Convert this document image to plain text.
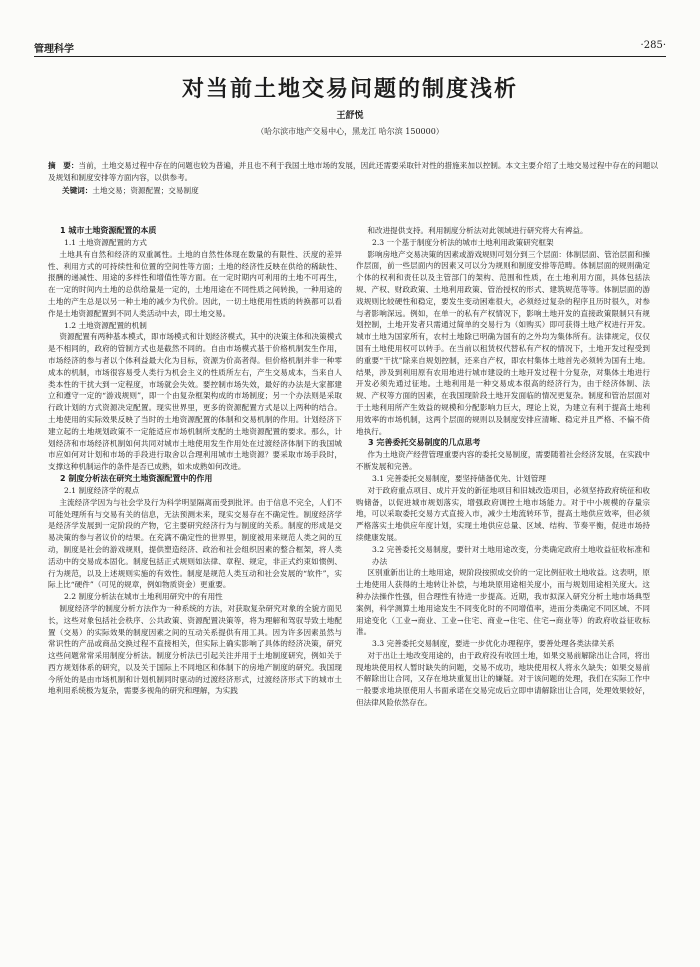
管理科学	·285·
对当前土地交易问题的制度浅析
王舒悦
（哈尔滨市地产交易中心，黑龙江 哈尔滨 150000）
摘　要：当前，土地交易过程中存在的问题也较为普遍，并且也不利于我国土地市场的发展，因此还需要采取针对性的措施来加以控制。本文主要介绍了土地交易过程中存在的问题以及规划和制度安排等方面内容，以供参考。
关键词：土地交易；资源配置；交易制度
1 城市土地资源配置的本质
1.1 土地资源配置的方式

土地具有自然和经济的双重属性。土地的自然性体现在数量的有限性、沃度的差异性、利用方式的可持续性和位置的空间性等方面；土地的经济性反映在供给的稀缺性、报酬的递减性、用途的多样性和增值性等方面。在一定时期内可利用的土地不可再生，在一定的时间内土地的总供给量是一定的，土地用途在不同性质之间转换，一种用途的土地的产生总是以另一种土地的减少为代价。因此，一切土地使用性质的转换都可以看作是土地资源配置到不同人类活动中去，即土地交易。

1.2 土地资源配置的机制

资源配置有两种基本模式，即市场模式和计划经济模式，其中的决策主体和决策模式是不相同的，政府的管制方式也是截然不同的。自由市场模式基于价格机制发生作用，市场经济的参与者以个体利益最大化为目标，资源为价高者得。但价格机制并非一种零成本的机制，市场很容易受人类行为机会主义的性质所左右，产生交易成本，当来自人类本性的干扰大到一定程度，市场就会失效。要控制市场失效，最好的办法是大家都建立和遵守一定的“游戏规则”，即一个由复杂框架构成的市场制度；另一个办法则是采取行政计划的方式资源决定配置。现实世界里，更多的资源配置方式是以上两种的结合。土地使用的实际效果反映了当时的土地资源配置的体制和交易机制的作用。计划经济下建立起的土地规划政策不一定能适应市场机制所支配的土地资源配置的要求。那么，计划经济和市场经济机制如何共同对城市土地使用发生作用处在过渡经济体制下的我国城市应如何对计划和市场的手段进行取舍以合理利用城市土地资源？要采取市场手段时，支撑这种机制运作的条件是否已成熟，如未成熟如何改进。

2 制度分析法在研究土地资源配置中的作用
2.1 制度经济学的观点

主流经济学因为与社会学及行为科学明显隔离而受到批评。由于信息不完全，人们不可能处理所有与交易有关的信息，无法预测未来，现实交易存在不确定性。制度经济学是经济学发展到一定阶段的产物，它主要研究经济行为与制度的关系。制度的形成是交易决策的参与者议价的结果。在充满不确定性的世界里，制度被用来规范人类之间的互动，制度是社会的游戏规则，提供塑造经济、政治和社会组织因素的整合框架，将人类活动中的交易成本固化。制度包括正式规则如法律、章程、规定，非正式约束如惯例、行为规范，以及上述规则实施的有效性。制度是规范人类互动和社会发展的“软件”，实际上比“硬件”（可见的规章，例如物质资金）更重要。

2.2 制度分析法在城市土地利用研究中的有用性

制度经济学的制度分析方法作为一种系统的方法，对获取复杂研究对象的全貌方面见长，这些对象包括社会秩序、公共政策、资源配置决策等，将为理解和驾驭导致土地配置（交易）的实际效果的制度因素之间的互动关系提供有用工具。因为许多因素虽然与常识性的产品或商品交换过程不直接相关，但实际上确实影响了具体的经济决策，研究这些问题常常采用制度分析法。制度分析法已引起关注并用于土地制度研究，例如关于西方规划体系的研究，以及关于国际上不同地区和体制下的房地产制度的研究。我国现今所处的是由市场机制和计划机制同时驱动的过渡经济形式，过渡经济形式下的城市土地利用系统极为复杂，需要多视角的研究和理解，为实践

和改进提供支持。利用制度分析法对此领域进行研究将大有裨益。

2.3 一个基于制度分析法的城市土地利用政策研究框架

影响房地产交易决策的因素或游戏规则可划分到三个层面：体制层面、管治层面和操作层面，前一些层面内的因素又可以分为规则和制度安排等范畴。体制层面的规则确定个体的权利和责任以及主管部门的架构、范围和性质，在土地利用方面，具体包括法规、产权、财政政策、土地利用政策、管治授权的形式、建筑规范等等。体制层面的游戏规则比较硬性和稳定，要发生变动困难很大，必须经过复杂的程序且历时很久，对参与者影响深远。例如，在单一的私有产权情况下，影响土地开发的直接政策限制只有规划控制，土地开发者只需通过简单的交易行为（如购买）即可获得土地产权进行开发。城市土地为国家所有，农村土地除已明确为国有的之外均为集体所有。法律规定，仅仅国有土地使用权可以转手。在当前以租赁权代替私有产权的情况下，土地开发过程受到的重要“干扰”除来自规划控制，还来自产权，即农村集体土地首先必须转为国有土地。结果，涉及到利用原有农用地进行城市建设的土地开发过程十分复杂，对集体土地进行开发必须先通过征地。土地利用是一种交易成本很高的经济行为，由于经济体制、法规、产权等方面的因素，在我国现阶段土地开发面临的情况更复杂。制度和管治层面对于土地利用所产生效益的规模和分配影响力巨大，理论上说，为建立有利于提高土地利用效率的市场机制，这两个层面的规则以及制度安排应清晰、稳定并且严格、不偏不倚地执行。

3 完善委托交易制度的几点思考

作为土地资产经营管理重要内容的委托交易制度，需要随着社会经济发展，在实践中不断发展和完善。

3.1 完善委托交易制度，要坚持储备优先、计划管理

对于政府重点项目、成片开发的新征地项目和旧城改造项目，必须坚持政府统征和收购储备，以促进城市规划落实，增强政府调控土地市场能力。对于中小规模的存量宗地，可以采取委托交易方式直接入市，减少土地流转环节，提高土地供应效率，但必须严格落实土地供应年度计划，实现土地供应总量、区域、结构、节奏平衡，促进市场持续健康发展。

3.2 完善委托交易制度，要针对土地用途改变，分类确定政府土地收益征收标准和办法

区别重新出让的土地用途，规阶段按照成交价的一定比例征收土地收益。这表明，原土地使用人获得的土地转让补偿，与地块原用途相关度小，而与规划用途相关度大。这种办法操作性强，但合理性有待进一步提高。近期，我市拟深入研究分析土地市场典型案例，科学测算土地用途发生不同变化时的不同增值率，进而分类确定不同区域、不同用途变化（工业→商业、工业→住宅、商业→住宅、住宅→商业等）的政府收益征收标准。

3.3 完善委托交易制度，要进一步优化办理程序，要善处理各类法律关系

对于出让土地改变用途的，由于政府没有收回土地，如果交易前解除出让合同，将出现地块使用权人暂时缺失的问题，交易不成功，地块使用权人将永久缺失；如果交易前不解除出让合同，又存在地块重复出让的嫌疑。对于该问题的处理，我们在实际工作中一般要求地块原使用人书面承诺在交易完成后立即申请解除出让合同，处理效果较好，但法律风险依然存在。
